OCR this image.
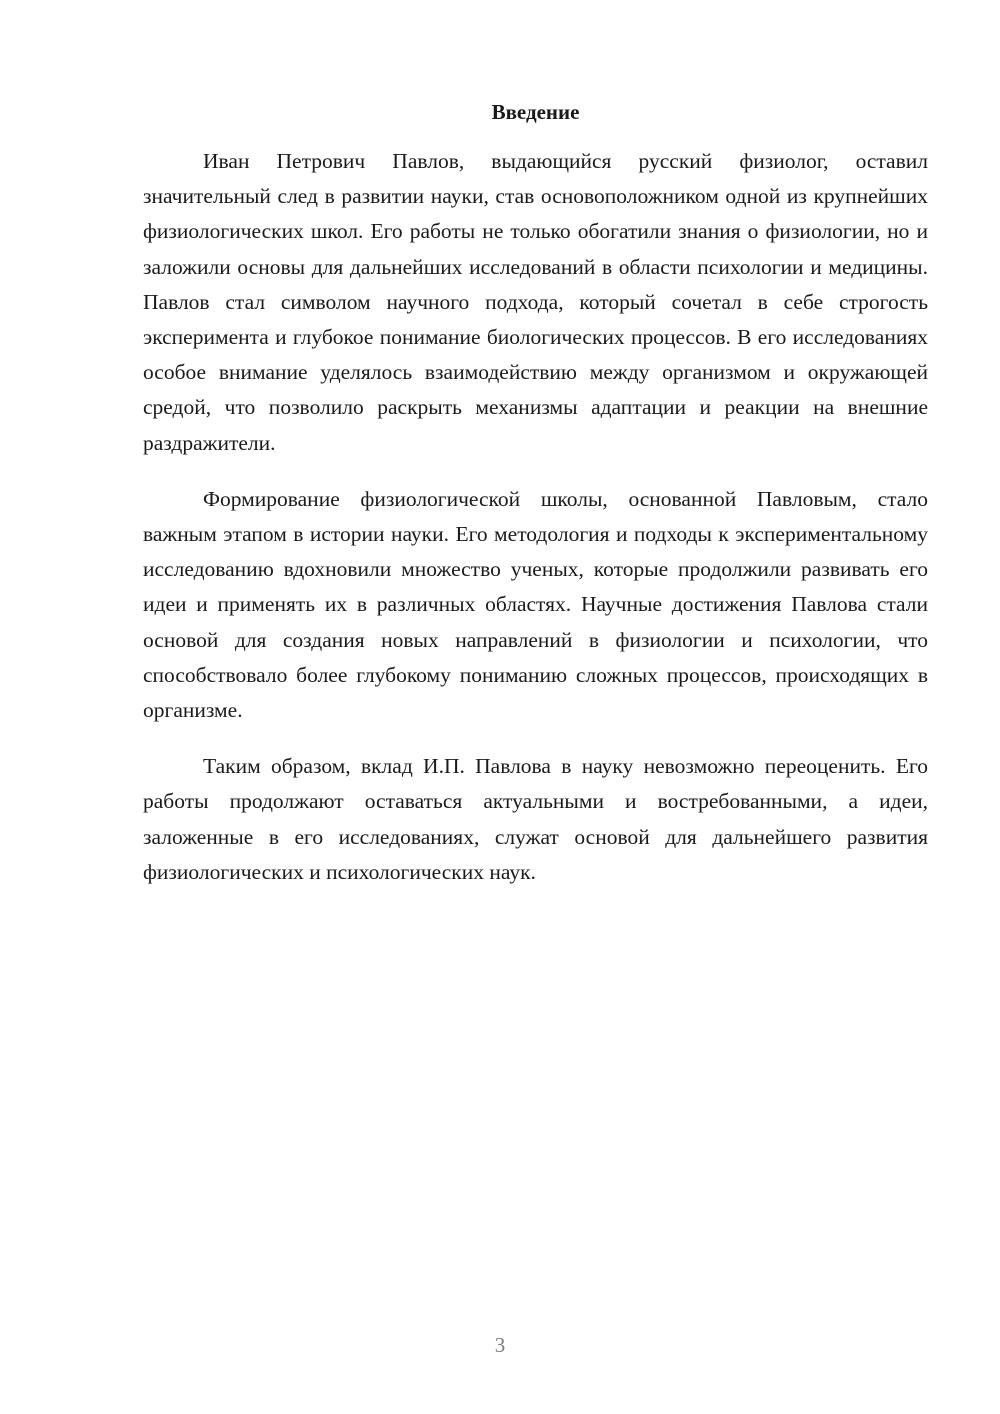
Введение

Иван Петрович Павлов, выдающийся русский физиолог, оставил значительный след в развитии науки, став основоположником одной из крупнейших физиологических школ. Его работы не только обогатили знания о физиологии, но и заложили основы для дальнейших исследований в области психологии и медицины. Павлов стал символом научного подхода, который сочетал в себе строгость эксперимента и глубокое понимание биологических процессов. В его исследованиях особое внимание уделялось взаимодействию между организмом и окружающей средой, что позволило раскрыть механизмы адаптации и реакции на внешние раздражители.

Формирование физиологической школы, основанной Павловым, стало важным этапом в истории науки. Его методология и подходы к экспериментальному исследованию вдохновили множество ученых, которые продолжили развивать его идеи и применять их в различных областях. Научные достижения Павлова стали основой для создания новых направлений в физиологии и психологии, что способствовало более глубокому пониманию сложных процессов, происходящих в организме.

Таким образом, вклад И.П. Павлова в науку невозможно переоценить. Его работы продолжают оставаться актуальными и востребованными, а идеи, заложенные в его исследованиях, служат основой для дальнейшего развития физиологических и психологических наук.

3
